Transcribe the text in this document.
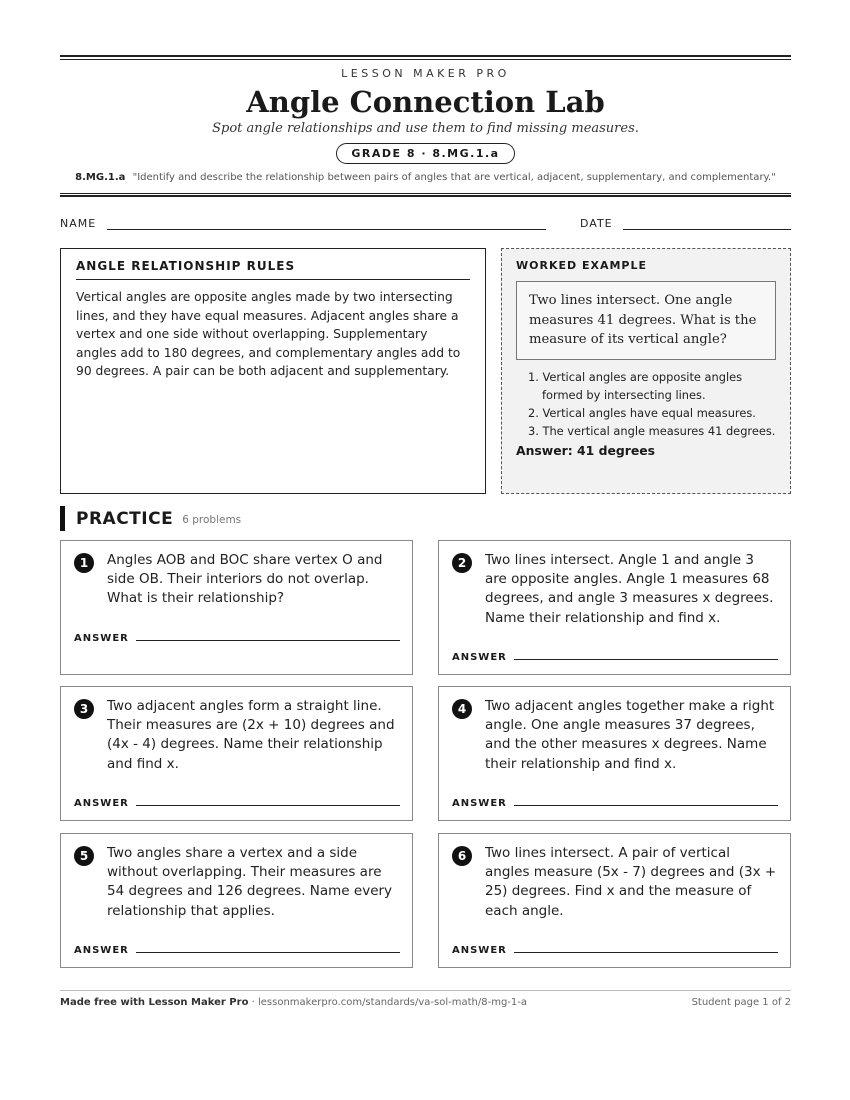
LESSON MAKER PRO
Angle Connection Lab
Spot angle relationships and use them to find missing measures.
GRADE 8 · 8.MG.1.a
8.MG.1.a "Identify and describe the relationship between pairs of angles that are vertical, adjacent, supplementary, and complementary."
NAME	DATE
ANGLE RELATIONSHIP RULES
Vertical angles are opposite angles made by two intersecting lines, and they have equal measures. Adjacent angles share a vertex and one side without overlapping. Supplementary angles add to 180 degrees, and complementary angles add to 90 degrees. A pair can be both adjacent and supplementary.
WORKED EXAMPLE
Two lines intersect. One angle measures 41 degrees. What is the measure of its vertical angle?
1. Vertical angles are opposite angles formed by intersecting lines.
2. Vertical angles have equal measures.
3. The vertical angle measures 41 degrees.
Answer: 41 degrees
PRACTICE 6 problems
1	Angles AOB and BOC share vertex O and side OB. Their interiors do not overlap. What is their relationship?
ANSWER
2	Two lines intersect. Angle 1 and angle 3 are opposite angles. Angle 1 measures 68 degrees, and angle 3 measures x degrees. Name their relationship and find x.
ANSWER
3	Two adjacent angles form a straight line. Their measures are (2x + 10) degrees and (4x - 4) degrees. Name their relationship and find x.
ANSWER
4	Two adjacent angles together make a right angle. One angle measures 37 degrees, and the other measures x degrees. Name their relationship and find x.
ANSWER
5	Two angles share a vertex and a side without overlapping. Their measures are 54 degrees and 126 degrees. Name every relationship that applies.
ANSWER
6	Two lines intersect. A pair of vertical angles measure (5x - 7) degrees and (3x + 25) degrees. Find x and the measure of each angle.
ANSWER
Made free with Lesson Maker Pro · lessonmakerpro.com/standards/va-sol-math/8-mg-1-a	Student page 1 of 2
